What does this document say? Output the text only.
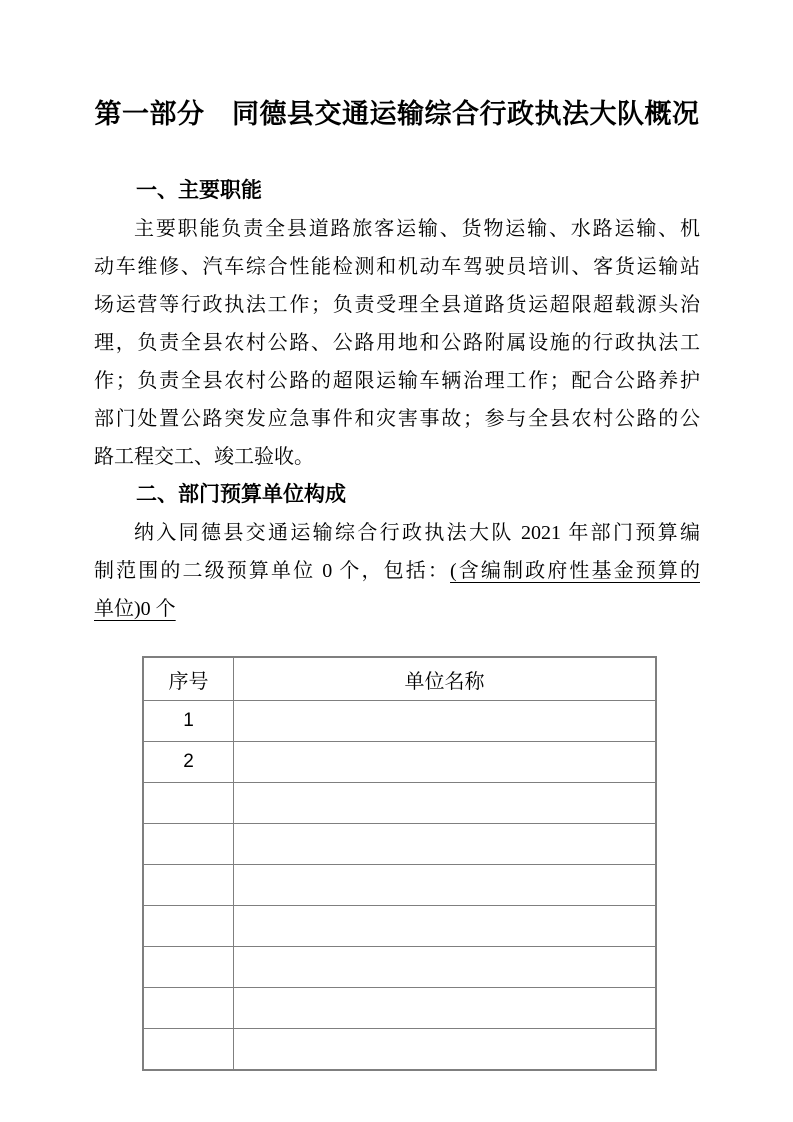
第一部分　同德县交通运输综合行政执法大队概况
一、主要职能
主要职能负责全县道路旅客运输、货物运输、水路运输、机
动车维修、汽车综合性能检测和机动车驾驶员培训、客货运输站
场运营等行政执法工作；负责受理全县道路货运超限超载源头治
理，负责全县农村公路、公路用地和公路附属设施的行政执法工
作；负责全县农村公路的超限运输车辆治理工作；配合公路养护
部门处置公路突发应急事件和灾害事故；参与全县农村公路的公
路工程交工、竣工验收。
二、部门预算单位构成
纳入同德县交通运输综合行政执法大队 2021 年部门预算编
制范围的二级预算单位 0 个，包括：(含编制政府性基金预算的
单位)0 个
序号	单位名称
1	
2	
